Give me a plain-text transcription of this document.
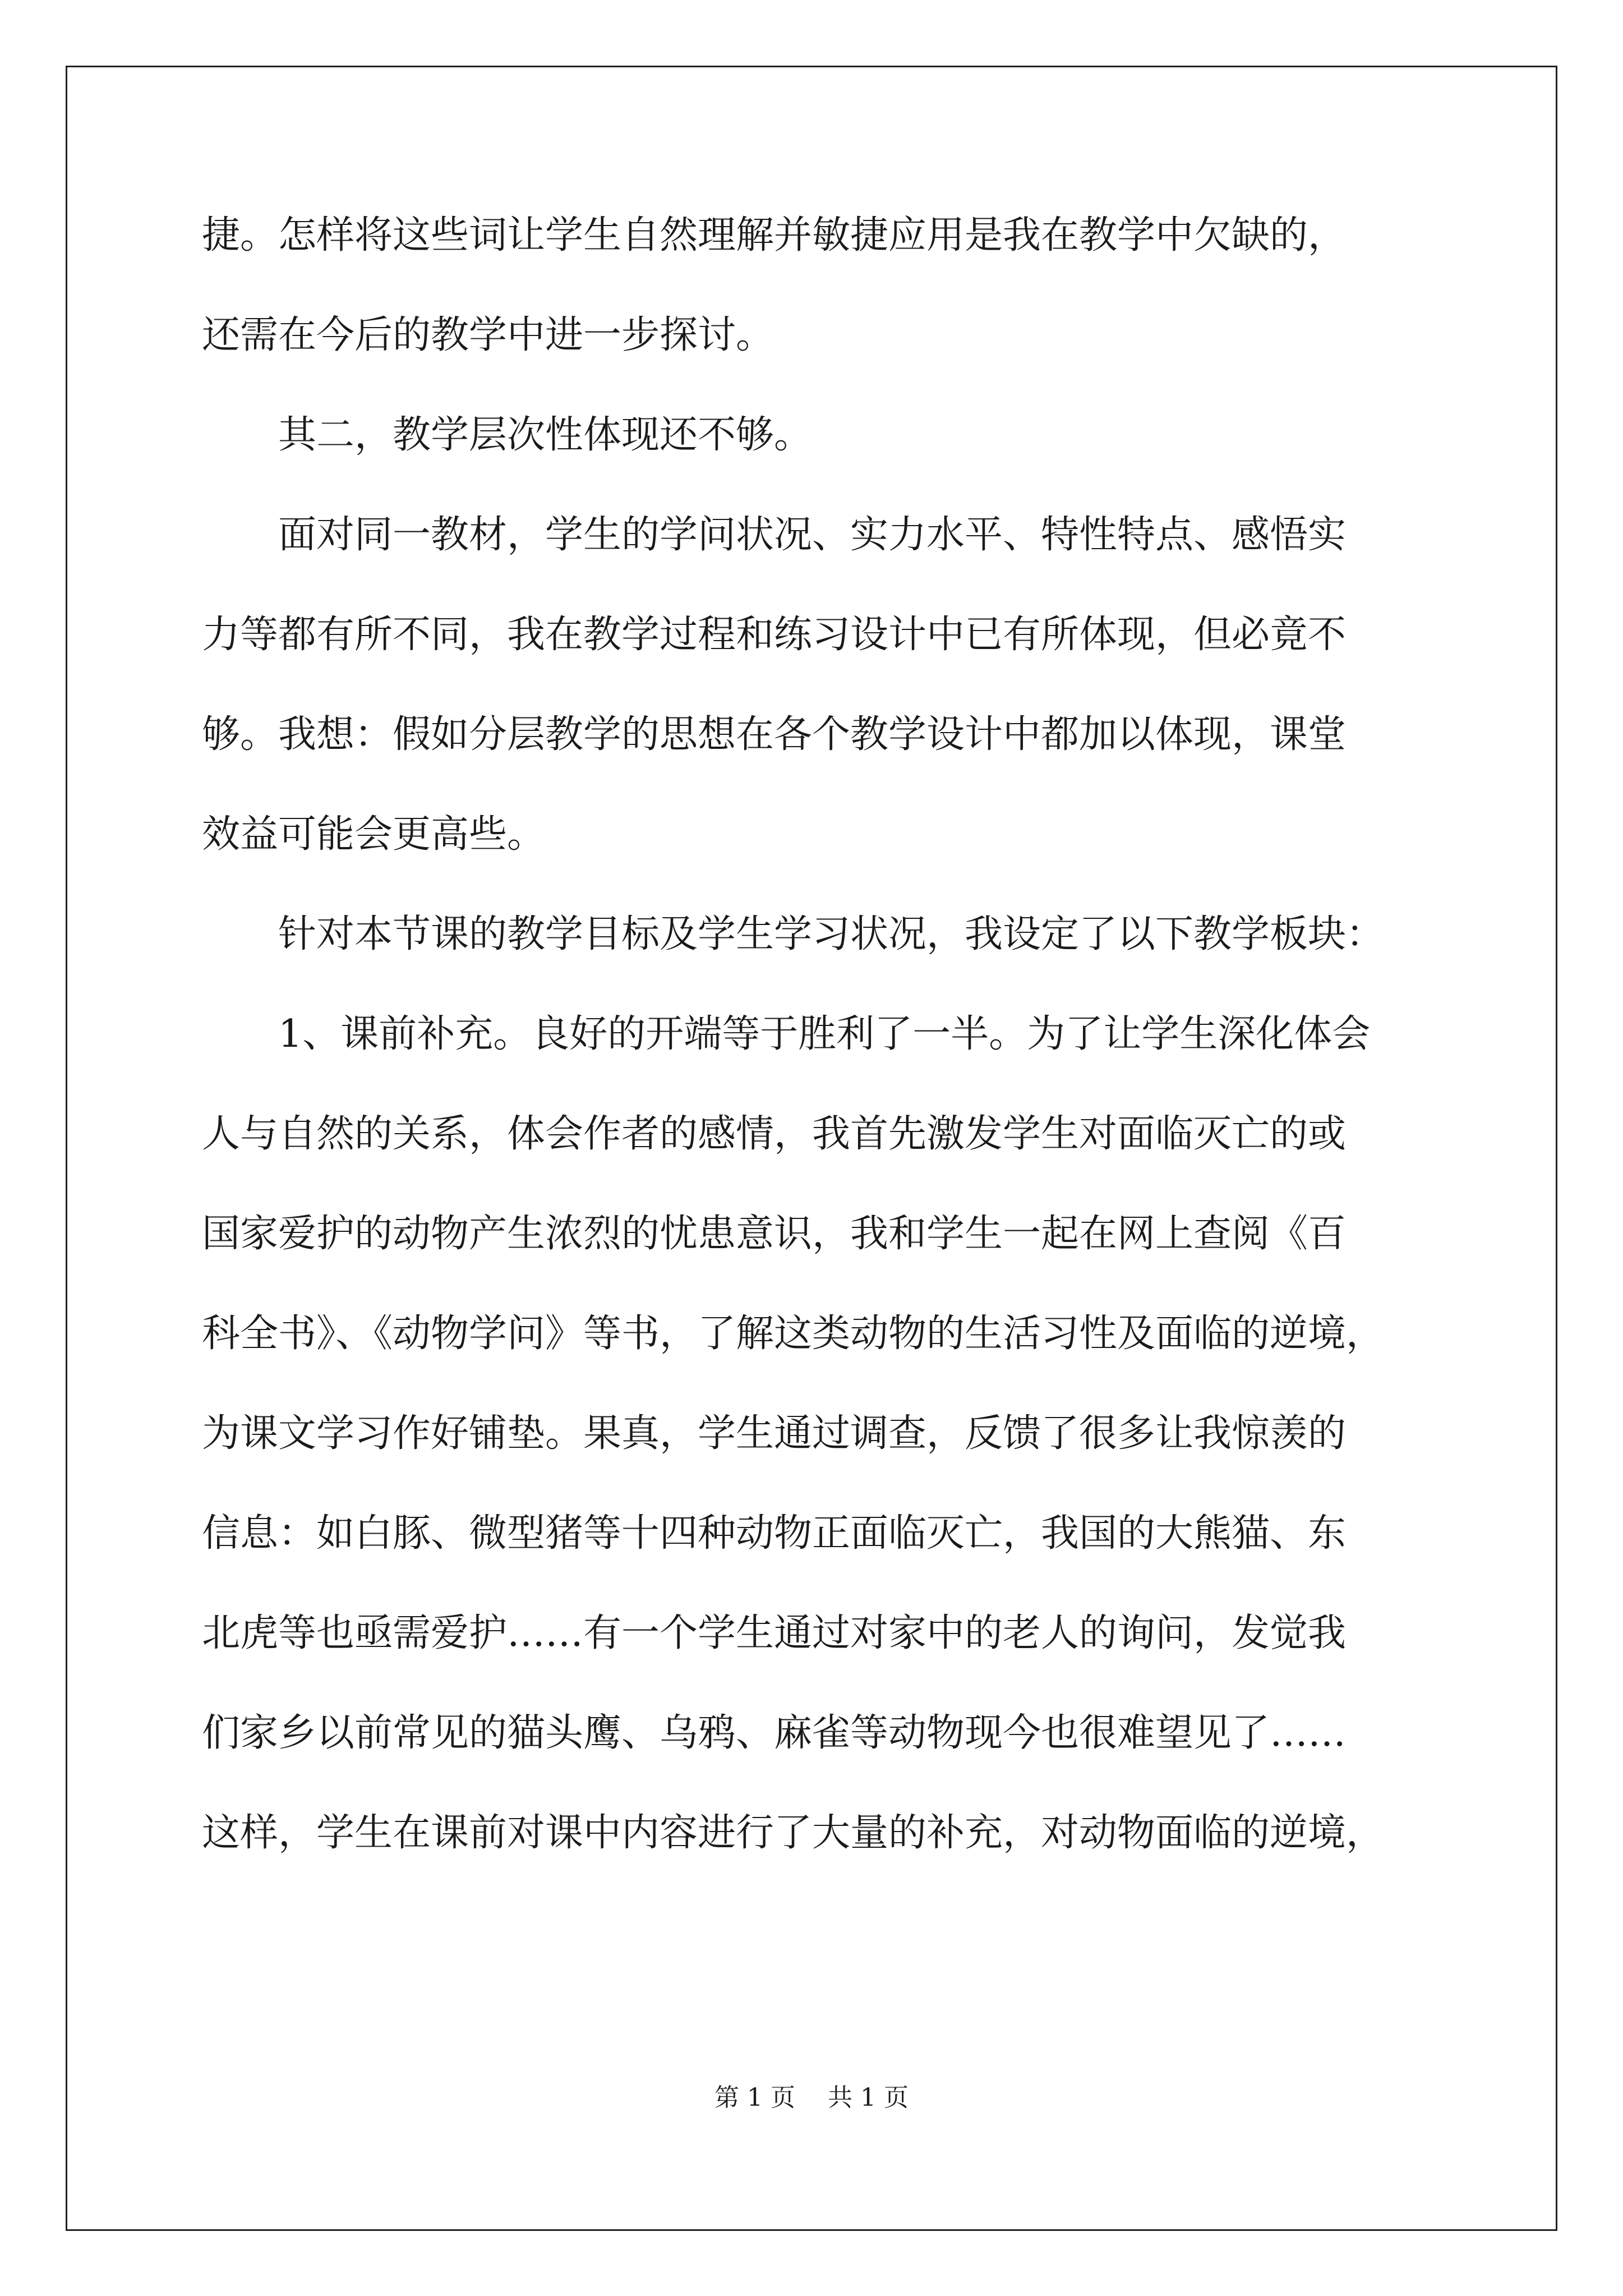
捷。怎样将这些词让学生自然理解并敏捷应用是我在教学中欠缺的，
还需在今后的教学中进一步探讨。
　　其二，教学层次性体现还不够。
　　面对同一教材，学生的学问状况、实力水平、特性特点、感悟实
力等都有所不同，我在教学过程和练习设计中已有所体现，但必竟不
够。我想：假如分层教学的思想在各个教学设计中都加以体现，课堂
效益可能会更高些。
　　针对本节课的教学目标及学生学习状况，我设定了以下教学板块：
　　1、课前补充。良好的开端等于胜利了一半。为了让学生深化体会
人与自然的关系，体会作者的感情，我首先激发学生对面临灭亡的或
国家爱护的动物产生浓烈的忧患意识，我和学生一起在网上查阅《百
科全书》、《动物学问》等书，了解这类动物的生活习性及面临的逆境，
为课文学习作好铺垫。果真，学生通过调查，反馈了很多让我惊羡的
信息：如白豚、微型猪等十四种动物正面临灭亡，我国的大熊猫、东
北虎等也亟需爱护……有一个学生通过对家中的老人的询问，发觉我
们家乡以前常见的猫头鹰、乌鸦、麻雀等动物现今也很难望见了……
这样，学生在课前对课中内容进行了大量的补充，对动物面临的逆境，
第 1 页　 共 1 页
